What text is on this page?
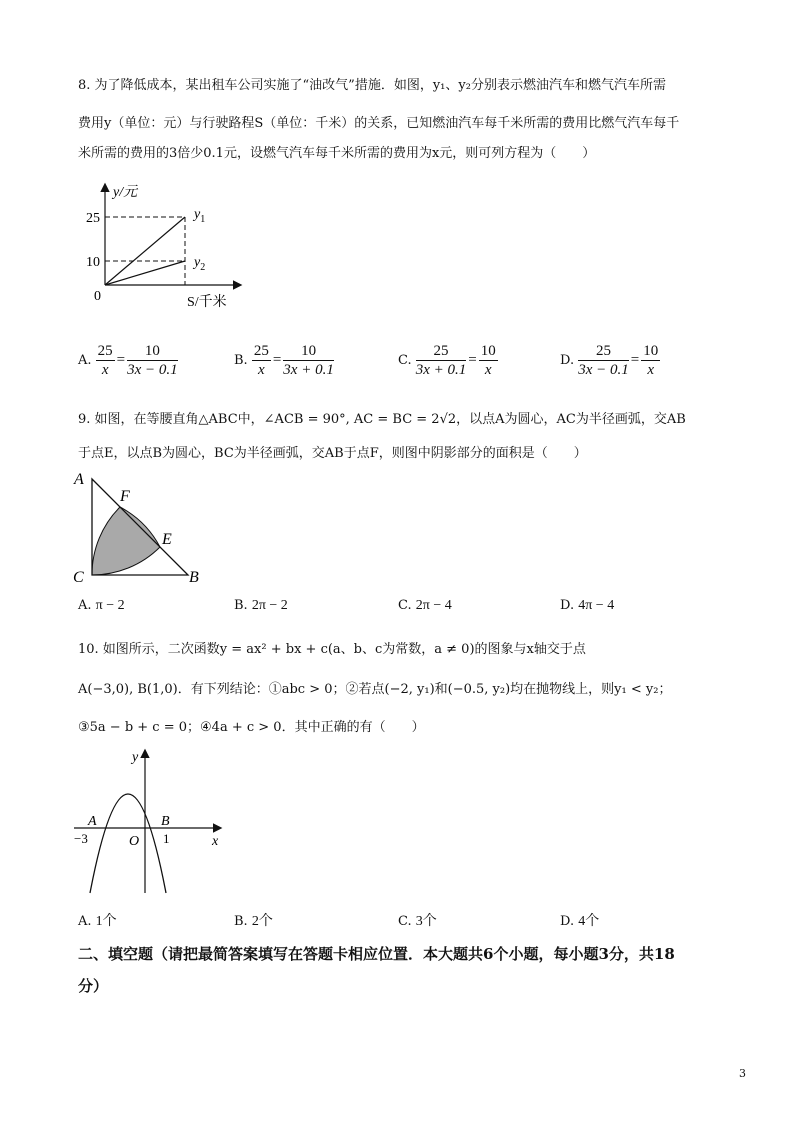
8. 为了降低成本，某出租车公司实施了“油改气”措施．如图，y₁、y₂分别表示燃油汽车和燃气汽车所需
费用y（单位：元）与行驶路程S（单位：千米）的关系，已知燃油汽车每千米所需的费用比燃气汽车每千
米所需的费用的3倍少0.1元，设燃气汽车每千米所需的费用为x元，则可列方程为（　　）
y/元
25
10
0
$y_1$
$y_2$
S/千米
A. $\frac{25}{x} = \frac{10}{3x - 0.1}$	B. $\frac{25}{x} = \frac{10}{3x + 0.1}$	C. $\frac{25}{3x + 0.1} = \frac{10}{x}$	D. $\frac{25}{3x - 0.1} = \frac{10}{x}$
9. 如图，在等腰直角△ABC中，∠ACB = 90°, AC = BC = 2√2，以点A为圆心，AC为半径画弧，交AB
于点E，以点B为圆心，BC为半径画弧，交AB于点F，则图中阴影部分的面积是（　　）
A
F
E
C	B
A. π − 2	B. 2π − 2	C. 2π − 4	D. 4π − 4
10. 如图所示，二次函数y = ax² + bx + c(a、b、c为常数，a ≠ 0)的图象与x轴交于点
A(−3,0), B(1,0)．有下列结论：①abc > 0；②若点(−2, y₁)和(−0.5, y₂)均在抛物线上，则y₁ < y₂；
③5a − b + c = 0；④4a + c > 0．其中正确的有（　　）
y
x
A	B
−3	O 1
A. 1个	B. 2个	C. 3个	D. 4个
二、填空题（请把最简答案填写在答题卡相应位置．本大题共6个小题，每小题3分，共18
分）
3
